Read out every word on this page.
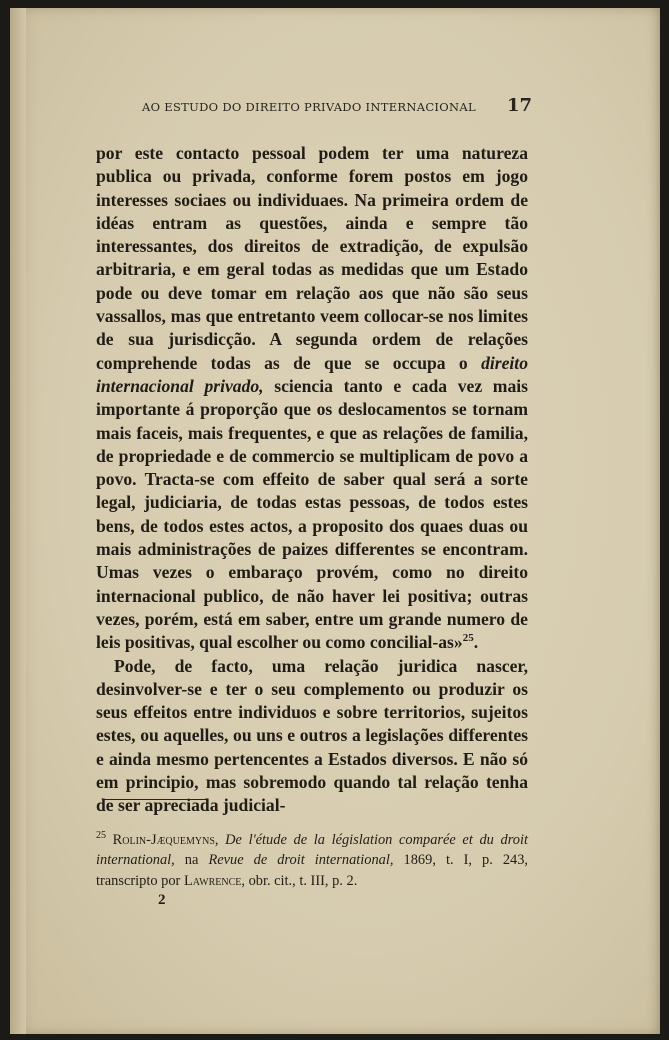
AO ESTUDO DO DIREITO PRIVADO INTERNACIONAL 17

por este contacto pessoal podem ter uma natureza publica ou privada, conforme forem postos em jogo interesses sociaes ou individuaes. Na primeira ordem de idéas entram as questões, ainda e sempre tão interessantes, dos direitos de extradição, de expulsão arbitraria, e em geral todas as medidas que um Estado pode ou deve tomar em relação aos que não são seus vassallos, mas que entretanto veem collocar-se nos limites de sua jurisdicção. A segunda ordem de relações comprehende todas as de que se occupa o direito internacional privado, sciencia tanto e cada vez mais importante á proporção que os deslocamentos se tornam mais faceis, mais frequentes, e que as relações de familia, de propriedade e de commercio se multiplicam de povo a povo. Tracta-se com effeito de saber qual será a sorte legal, judiciaria, de todas estas pessoas, de todos estes bens, de todos estes actos, a proposito dos quaes duas ou mais administrações de paizes differentes se encontram. Umas vezes o embaraço provém, como no direito internacional publico, de não haver lei positiva; outras vezes, porém, está em saber, entre um grande numero de leis positivas, qual escolher ou como concilial-as»$^{25}$.

Pode, de facto, uma relação juridica nascer, desinvolver-se e ter o seu complemento ou produzir os seus effeitos entre individuos e sobre territorios, sujeitos estes, ou aquelles, ou uns e outros a legislações differentes e ainda mesmo pertencentes a Estados diversos. E não só em principio, mas sobremodo quando tal relação tenha de ser apreciada judicial-

$^{25}$ Rolin-Jæquemyns, De l'étude de la législation comparée et du droit international, na Revue de droit international, 1869, t. I, p. 243, transcripto por Lawrence, obr. cit., t. III, p. 2.
2
